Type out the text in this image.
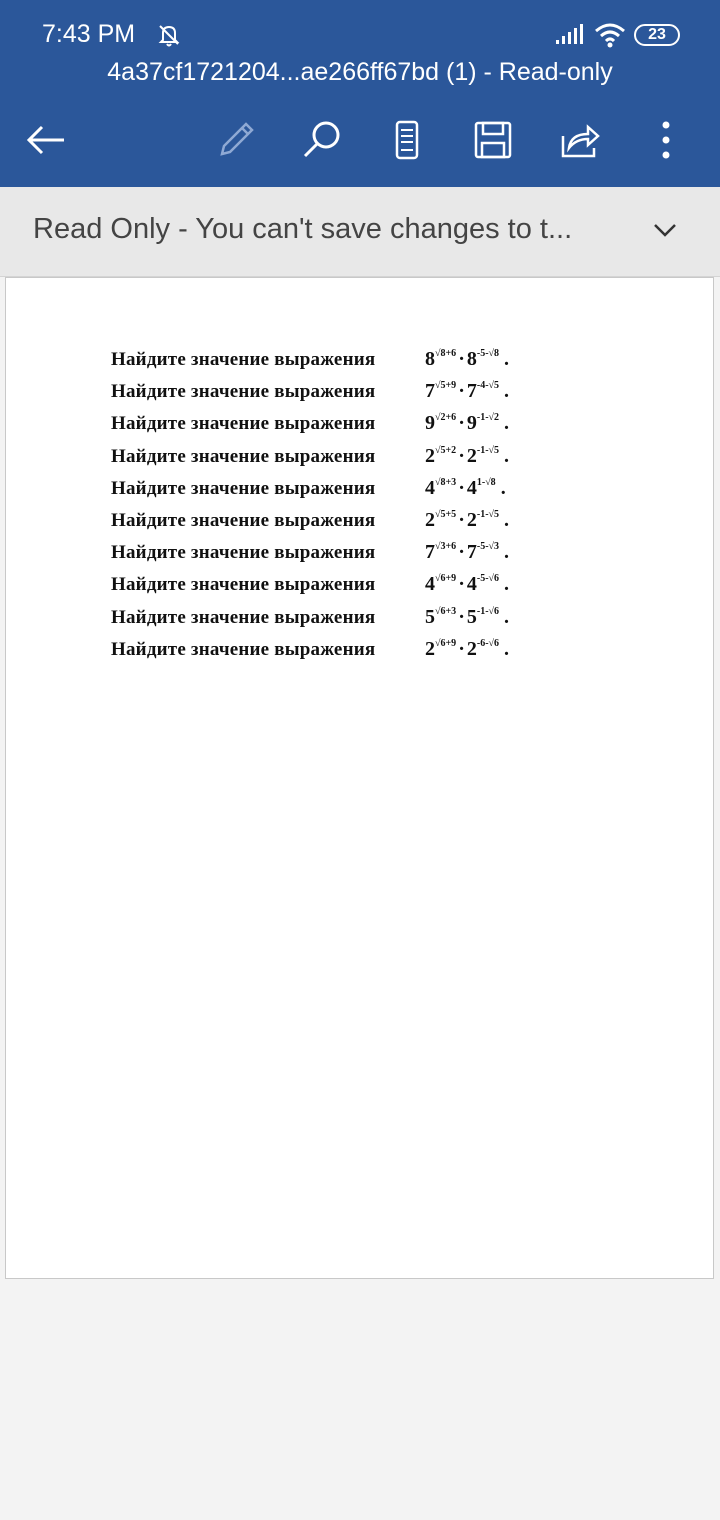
7:43 PM	23
4a37cf1721204...ae266ff67bd (1) - Read-only
Read Only - You can't save changes to t...
Найдите значение выражения $8^{√8+6} \cdot 8^{-5-√8}$ .
Найдите значение выражения $7^{√5+9} \cdot 7^{-4-√5}$ .
Найдите значение выражения $9^{√2+6} \cdot 9^{-1-√2}$ .
Найдите значение выражения $2^{√5+2} \cdot 2^{-1-√5}$ .
Найдите значение выражения $4^{√8+3} \cdot 4^{1-√8}$ .
Найдите значение выражения $2^{√5+5} \cdot 2^{-1-√5}$ .
Найдите значение выражения $7^{√3+6} \cdot 7^{-5-√3}$ .
Найдите значение выражения $4^{√6+9} \cdot 4^{-5-√6}$ .
Найдите значение выражения $5^{√6+3} \cdot 5^{-1-√6}$ .
Найдите значение выражения $2^{√6+9} \cdot 2^{-6-√6}$ .
